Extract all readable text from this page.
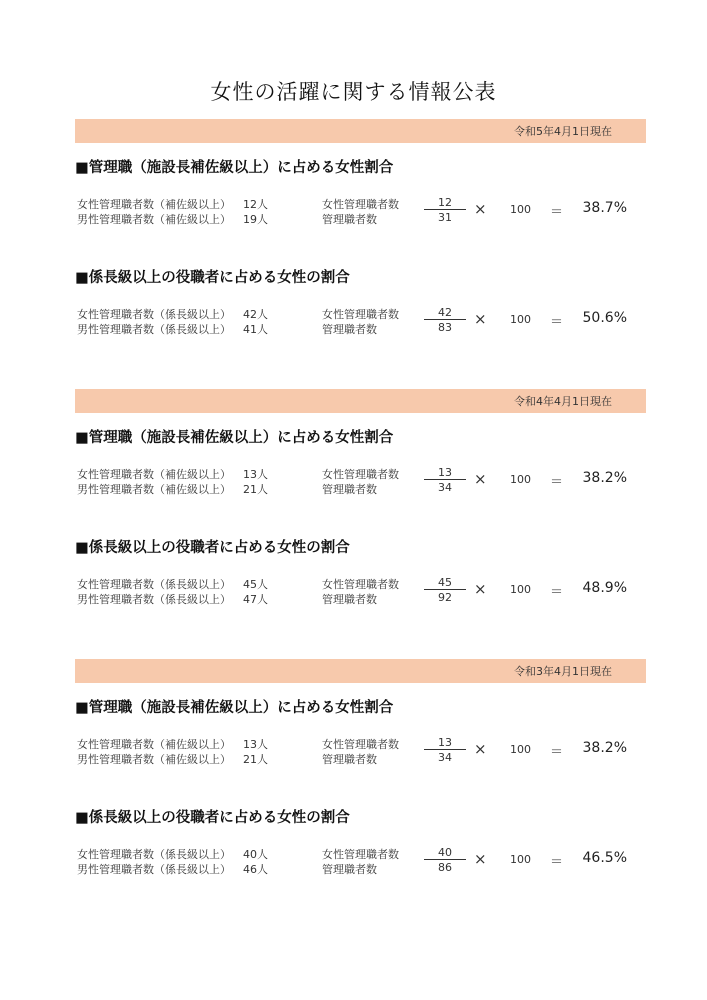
女性の活躍に関する情報公表
令和5年4月1日現在
■管理職（施設長補佐級以上）に占める女性割合
女性管理職者数（補佐級以上） 12人	女性管理職者数
男性管理職者数（補佐級以上） 19人	管理職者数
12
31	× 100 ＝ 38.7%
■係長級以上の役職者に占める女性の割合
女性管理職者数（係長級以上） 42人	女性管理職者数
男性管理職者数（係長級以上） 41人	管理職者数
42
83	× 100 ＝ 50.6%
令和4年4月1日現在
■管理職（施設長補佐級以上）に占める女性割合
女性管理職者数（補佐級以上） 13人	女性管理職者数
男性管理職者数（補佐級以上） 21人	管理職者数
13
34	× 100 ＝ 38.2%
■係長級以上の役職者に占める女性の割合
女性管理職者数（係長級以上） 45人	女性管理職者数
男性管理職者数（係長級以上） 47人	管理職者数
45
92	× 100 ＝ 48.9%
令和3年4月1日現在
■管理職（施設長補佐級以上）に占める女性割合
女性管理職者数（補佐級以上） 13人	女性管理職者数
男性管理職者数（補佐級以上） 21人	管理職者数
13
34	× 100 ＝ 38.2%
■係長級以上の役職者に占める女性の割合
女性管理職者数（係長級以上） 40人	女性管理職者数
男性管理職者数（係長級以上） 46人	管理職者数
40
86	× 100 ＝ 46.5%
